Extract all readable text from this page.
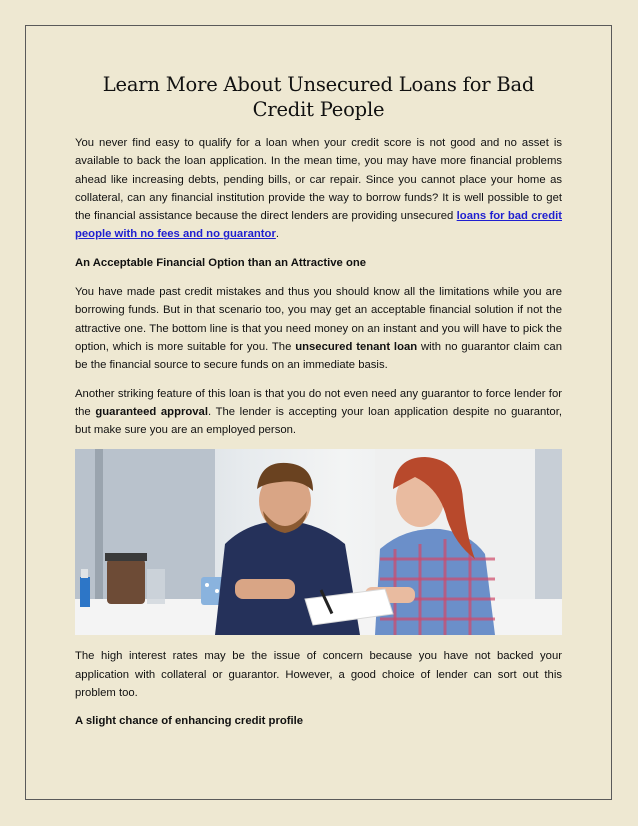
Learn More About Unsecured Loans for Bad Credit People

You never find easy to qualify for a loan when your credit score is not good and no asset is available to back the loan application. In the mean time, you may have more financial problems ahead like increasing debts, pending bills, or car repair. Since you cannot place your home as collateral, can any financial institution provide the way to borrow funds? It is well possible to get the financial assistance because the direct lenders are providing unsecured loans for bad credit people with no fees and no guarantor.

An Acceptable Financial Option than an Attractive one

You have made past credit mistakes and thus you should know all the limitations while you are borrowing funds. But in that scenario too, you may get an acceptable financial solution if not the attractive one. The bottom line is that you need money on an instant and you will have to pick the option, which is more suitable for you. The unsecured tenant loan with no guarantor claim can be the financial source to secure funds on an immediate basis.

Another striking feature of this loan is that you do not even need any guarantor to force lender for the guaranteed approval. The lender is accepting your loan application despite no guarantor, but make sure you are an employed person.

The high interest rates may be the issue of concern because you have not backed your application with collateral or guarantor. However, a good choice of lender can sort out this problem too.

A slight chance of enhancing credit profile
